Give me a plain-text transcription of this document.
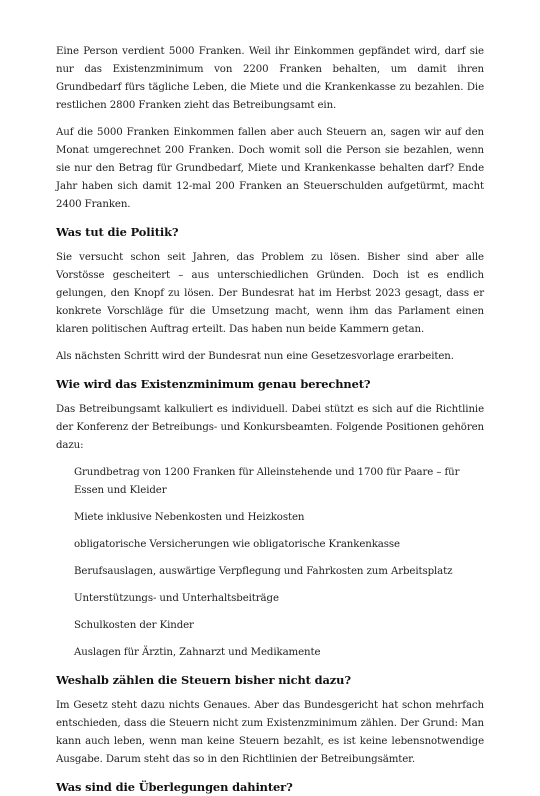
Eine Person verdient 5000 Franken. Weil ihr Einkommen gepfändet wird, darf sie nur das Existenzminimum von 2200 Franken behalten, um damit ihren Grundbedarf fürs tägliche Leben, die Miete und die Krankenkasse zu bezahlen. Die restlichen 2800 Franken zieht das Betreibungsamt ein.

Auf die 5000 Franken Einkommen fallen aber auch Steuern an, sagen wir auf den Monat umgerechnet 200 Franken. Doch womit soll die Person sie bezahlen, wenn sie nur den Betrag für Grundbedarf, Miete und Krankenkasse behalten darf? Ende Jahr haben sich damit 12-mal 200 Franken an Steuerschulden aufgetürmt, macht 2400 Franken.

Was tut die Politik?

Sie versucht schon seit Jahren, das Problem zu lösen. Bisher sind aber alle Vorstösse gescheitert – aus unterschiedlichen Gründen. Doch ist es endlich gelungen, den Knopf zu lösen. Der Bundesrat hat im Herbst 2023 gesagt, dass er konkrete Vorschläge für die Umsetzung macht, wenn ihm das Parlament einen klaren politischen Auftrag erteilt. Das haben nun beide Kammern getan.

Als nächsten Schritt wird der Bundesrat nun eine Gesetzesvorlage erarbeiten.

Wie wird das Existenzminimum genau berechnet?

Das Betreibungsamt kalkuliert es individuell. Dabei stützt es sich auf die Richtlinie der Konferenz der Betreibungs- und Konkursbeamten. Folgende Positionen gehören dazu:

Grundbetrag von 1200 Franken für Alleinstehende und 1700 für Paare – für Essen und Kleider
Miete inklusive Nebenkosten und Heizkosten
obligatorische Versicherungen wie obligatorische Krankenkasse
Berufsauslagen, auswärtige Verpflegung und Fahrkosten zum Arbeitsplatz
Unterstützungs- und Unterhaltsbeiträge
Schulkosten der Kinder
Auslagen für Ärztin, Zahnarzt und Medikamente
Weshalb zählen die Steuern bisher nicht dazu?

Im Gesetz steht dazu nichts Genaues. Aber das Bundesgericht hat schon mehrfach entschieden, dass die Steuern nicht zum Existenzminimum zählen. Der Grund: Man kann auch leben, wenn man keine Steuern bezahlt, es ist keine lebensnotwendige Ausgabe. Darum steht das so in den Richtlinien der Betreibungsämter.

Was sind die Überlegungen dahinter?
